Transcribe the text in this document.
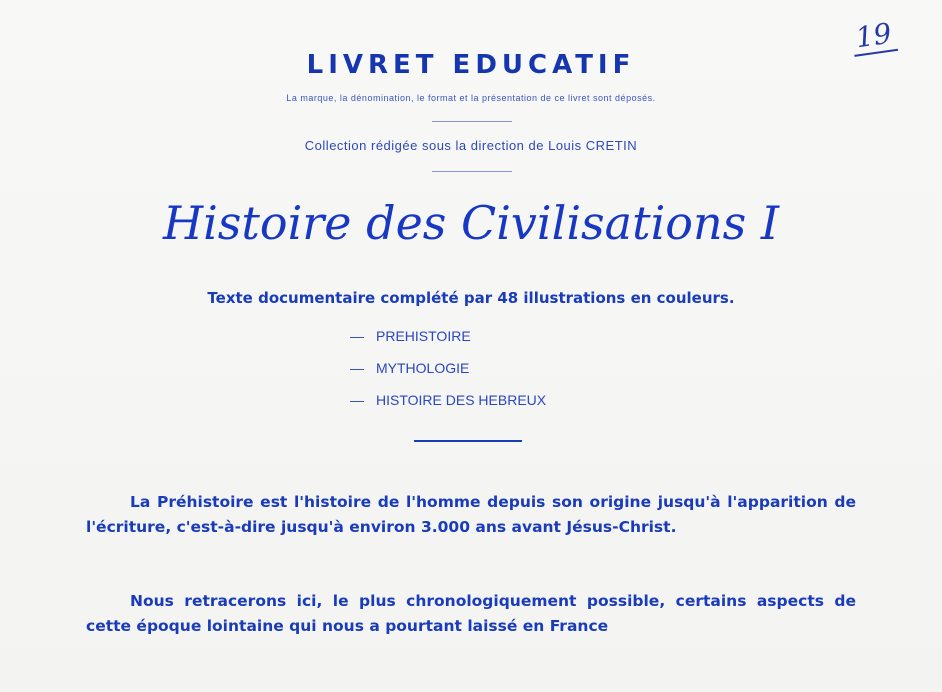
19
LIVRET EDUCATIF
La marque, la dénomination, le format et la présentation de ce livret sont déposés.
Collection rédigée sous la direction de Louis CRETIN
Histoire des Civilisations I
Texte documentaire complété par 48 illustrations en couleurs.
— PREHISTOIRE
— MYTHOLOGIE
— HISTOIRE DES HEBREUX

La Préhistoire est l'histoire de l'homme depuis son origine jusqu'à l'apparition de l'écriture, c'est-à-dire jusqu'à environ 3.000 ans avant Jésus-Christ.

Nous retracerons ici, le plus chronologiquement possible, certains aspects de cette époque lointaine qui nous a pourtant laissé en France
